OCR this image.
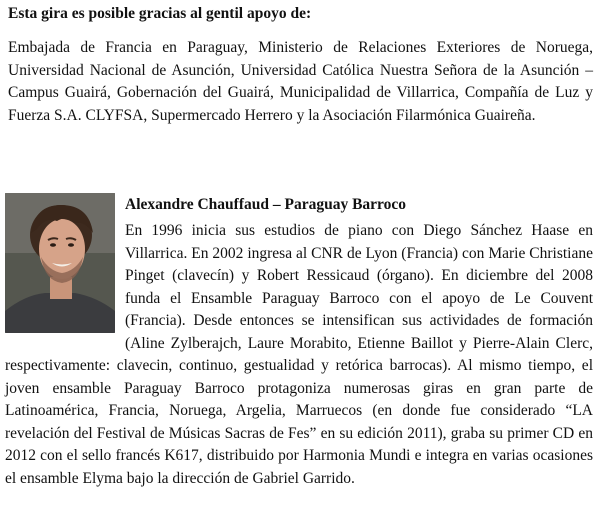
Esta gira es posible gracias al gentil apoyo de:

Embajada de Francia en Paraguay, Ministerio de Relaciones Exteriores de Noruega, Universidad Nacional de Asunción, Universidad Católica Nuestra Señora de la Asunción – Campus Guairá, Gobernación del Guairá, Municipalidad de Villarrica, Compañía de Luz y Fuerza S.A. CLYFSA, Supermercado Herrero y la Asociación Filarmónica Guaireña.

Alexandre Chauffaud – Paraguay Barroco

En 1996 inicia sus estudios de piano con Diego Sánchez Haase en Villarrica. En 2002 ingresa al CNR de Lyon (Francia) con Marie Christiane Pinget (clavecín) y Robert Ressicaud (órgano). En diciembre del 2008 funda el Ensamble Paraguay Barroco con el apoyo de Le Couvent (Francia). Desde entonces se intensifican sus actividades de formación (Aline Zylberajch, Laure Morabito, Etienne Baillot y Pierre-Alain Clerc, respectivamente: clavecin, continuo, gestualidad y retórica barrocas). Al mismo tiempo, el joven ensamble Paraguay Barroco protagoniza numerosas giras en gran parte de Latinoamérica, Francia, Noruega, Argelia, Marruecos (en donde fue considerado “LA revelación del Festival de Músicas Sacras de Fes” en su edición 2011), graba su primer CD en 2012 con el sello francés K617, distribuido por Harmonia Mundi e integra en varias ocasiones el ensamble Elyma bajo la dirección de Gabriel Garrido.
